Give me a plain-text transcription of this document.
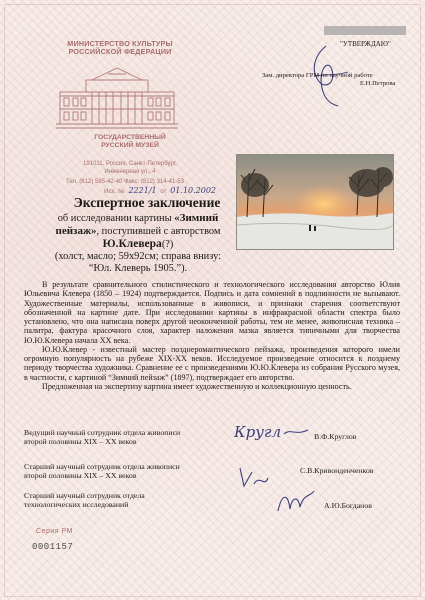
МИНИСТЕРСТВО КУЛЬТУРЫ РОССИЙСКОЙ ФЕДЕРАЦИИ
ГОСУДАРСТВЕННЫЙ РУССКИЙ МУЗЕЙ
191011, Россия, Санкт-Петербург,
Инженерная ул., 4
Тел. (812) 595-42-40 Факс: (812) 314-41-53
Исх. № 2221/1 от 01.10.2002
"УТВЕРЖДАЮ"
Зам. директора ГРМ по научной работе
Е.Н.Петрова
Экспертное заключение
об исследовании картины «Зимний
пейзаж», поступившей с авторством
Ю.Клевера(?)
(холст, масло; 59x92см; справа внизу:
“Юл. Клеверь 1905.”).

В результате сравнительного стилистического и технологического исследования авторство Юлия Юльевича Клевера (1850 – 1924) подтверждается. Подпись и дата сомнений в подлинности не вызывают. Художественные материалы, использованные в живописи, и признаки старения соответствуют обозначенной на картине дате. При исследовании картины в инфракрасной области спектра было установлено, что она написана поверх другой неоконченной работы, тем не менее, живописная техника – палитра, фактура красочного слоя, характер наложения мазка является типичными для творчества Ю.Ю.Клевера начала XX века.

Ю.Ю.Клевер - известный мастер позднеромантического пейзажа, произведения которого имели огромную популярность на рубеже XIX-XX веков. Исследуемое произведение относится к позднему периоду творчества художника. Сравнение ее с произведениями Ю.Ю.Клевера из собрания Русского музея, в частности, с картиной “Зимний пейзаж” (1897), подтверждает его авторство.

Предложенная на экспертизу картина имеет художественную и коллекционную ценность.

Ведущий научный сотрудник отдела живописи
второй половины XIX – XX веков
Кругл	В.Ф.Круглов
Старший научный сотрудник отдела живописи
второй половины XIX – XX веков
С.В.Кривонденченков
Старший научный сотрудник отдела
технологических исследований	А.Ю.Богданов
Серия РМ
0001157
